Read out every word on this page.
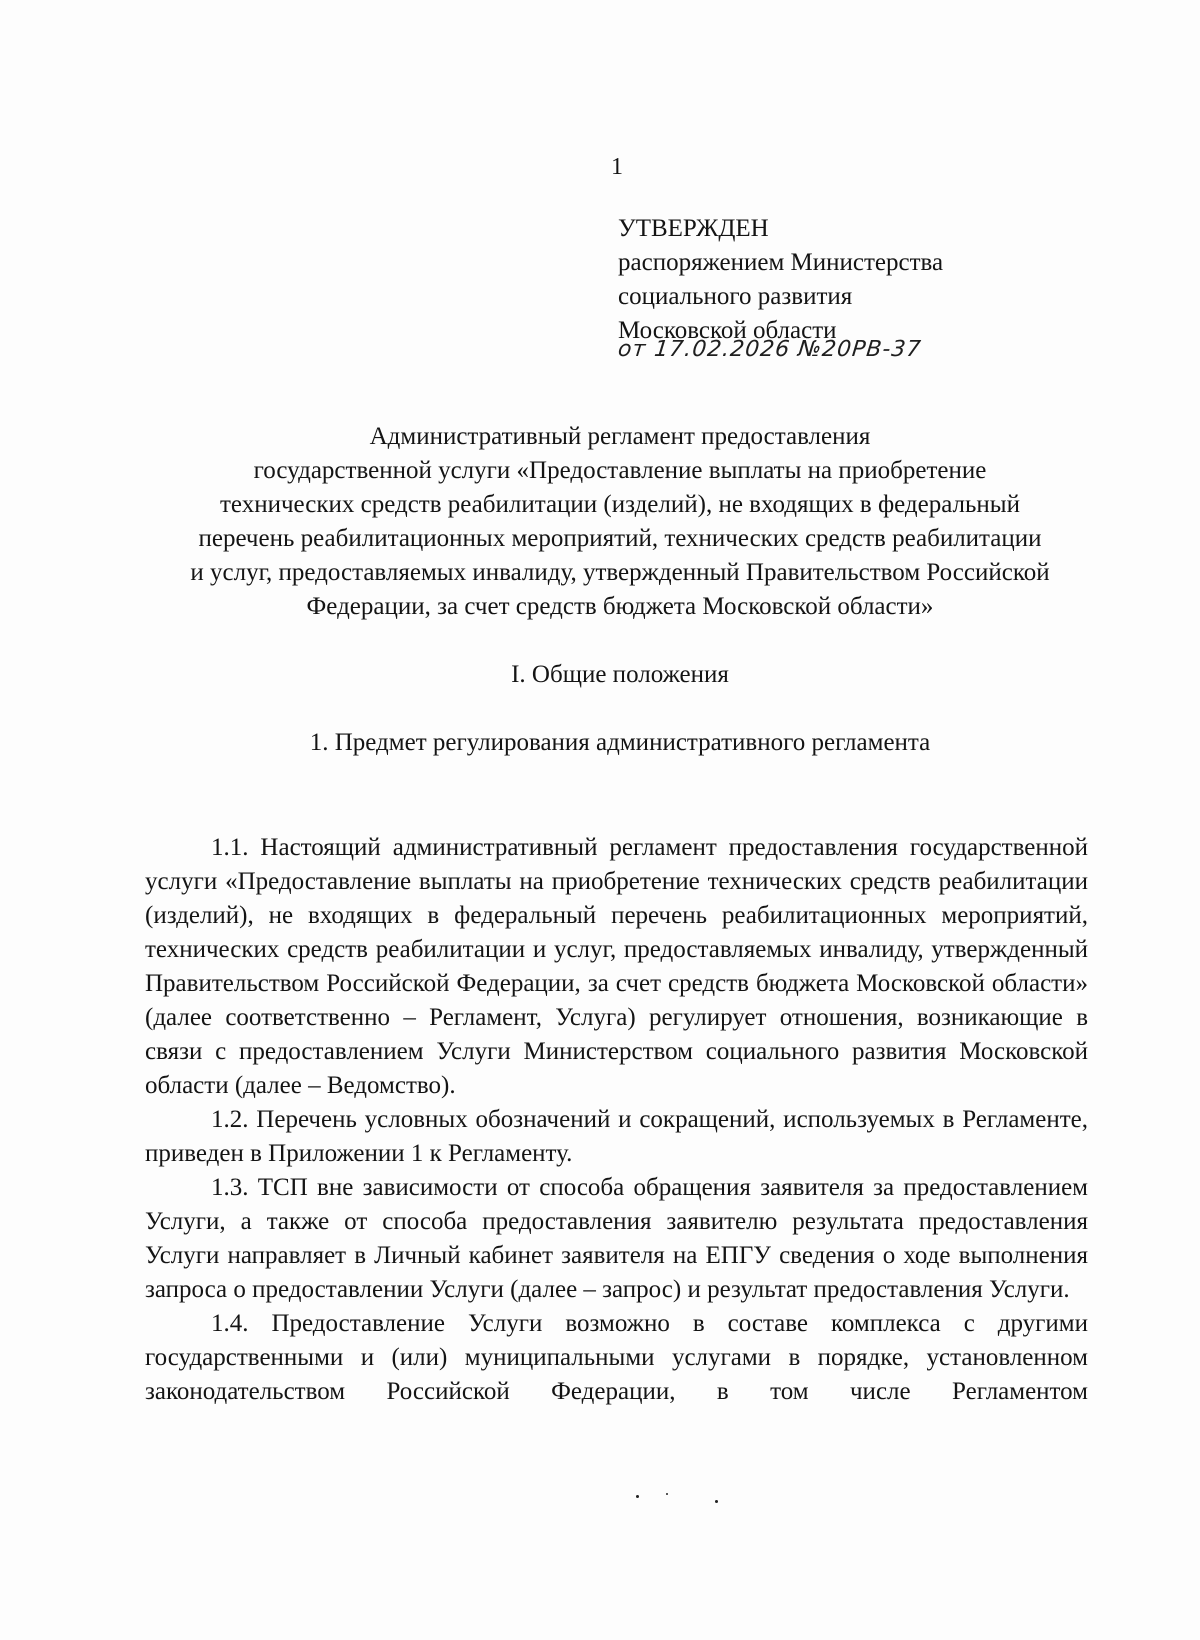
1
УТВЕРЖДЕН
распоряжением Министерства
социального развития
Московской области
от 17.02.2026 №20РВ-37
Административный регламент предоставления
государственной услуги «Предоставление выплаты на приобретение
технических средств реабилитации (изделий), не входящих в федеральный
перечень реабилитационных мероприятий, технических средств реабилитации
и услуг, предоставляемых инвалиду, утвержденный Правительством Российской
Федерации, за счет средств бюджета Московской области»
I. Общие положения
1. Предмет регулирования административного регламента

1.1. Настоящий административный регламент предоставления государственной услуги «Предоставление выплаты на приобретение технических средств реабилитации (изделий), не входящих в федеральный перечень реабилитационных мероприятий, технических средств реабилитации и услуг, предоставляемых инвалиду, утвержденный Правительством Российской Федерации, за счет средств бюджета Московской области» (далее соответственно – Регламент, Услуга) регулирует отношения, возникающие в связи с предоставлением Услуги Министерством социального развития Московской области (далее – Ведомство).

1.2. Перечень условных обозначений и сокращений, используемых в Регламенте, приведен в Приложении 1 к Регламенту.

1.3. ТСП вне зависимости от способа обращения заявителя за предоставлением Услуги, а также от способа предоставления заявителю результата предоставления Услуги направляет в Личный кабинет заявителя на ЕПГУ сведения о ходе выполнения запроса о предоставлении Услуги (далее – запрос) и результат предоставления Услуги.

1.4. Предоставление Услуги возможно в составе комплекса с другими государственными и (или) муниципальными услугами в порядке, установленном законодательством Российской Федерации, в том числе Регламентом
